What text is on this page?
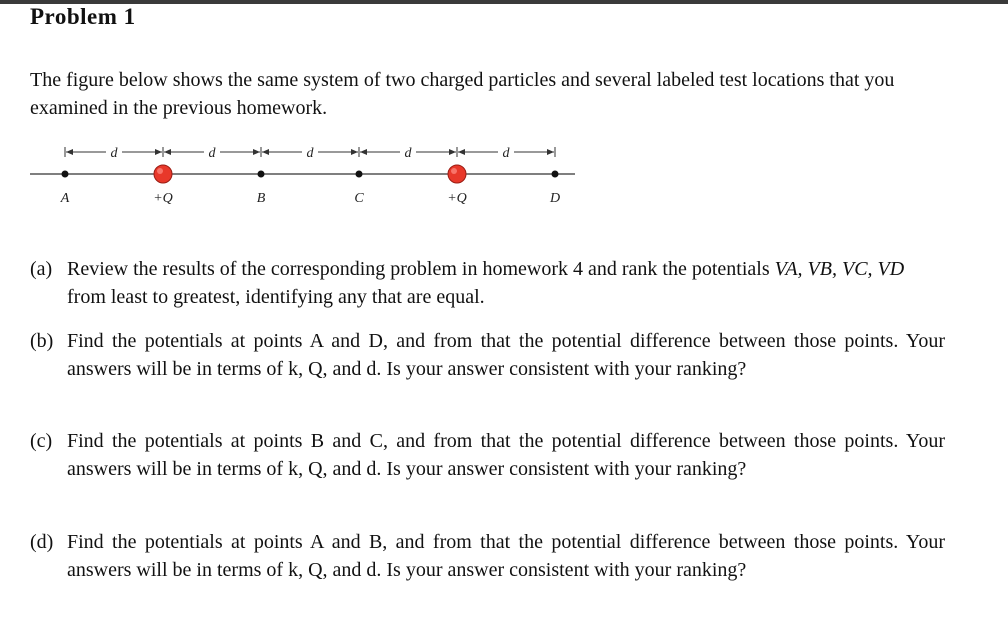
Problem 1
The figure below shows the same system of two charged particles and several labeled test locations that you examined in the previous homework.
d	d	d	d	d
A	+Q	B	C	+Q	D
(a) Review the results of the corresponding problem in homework 4 and rank the potentials VA, VB, VC, VD
from least to greatest, identifying any that are equal.
(b) Find the potentials at points A and D, and from that the potential difference between those points. Your answers will be in terms of k, Q, and d. Is your answer consistent with your ranking?
(c) Find the potentials at points B and C, and from that the potential difference between those points. Your answers will be in terms of k, Q, and d. Is your answer consistent with your ranking?
(d) Find the potentials at points A and B, and from that the potential difference between those points. Your answers will be in terms of k, Q, and d. Is your answer consistent with your ranking?
